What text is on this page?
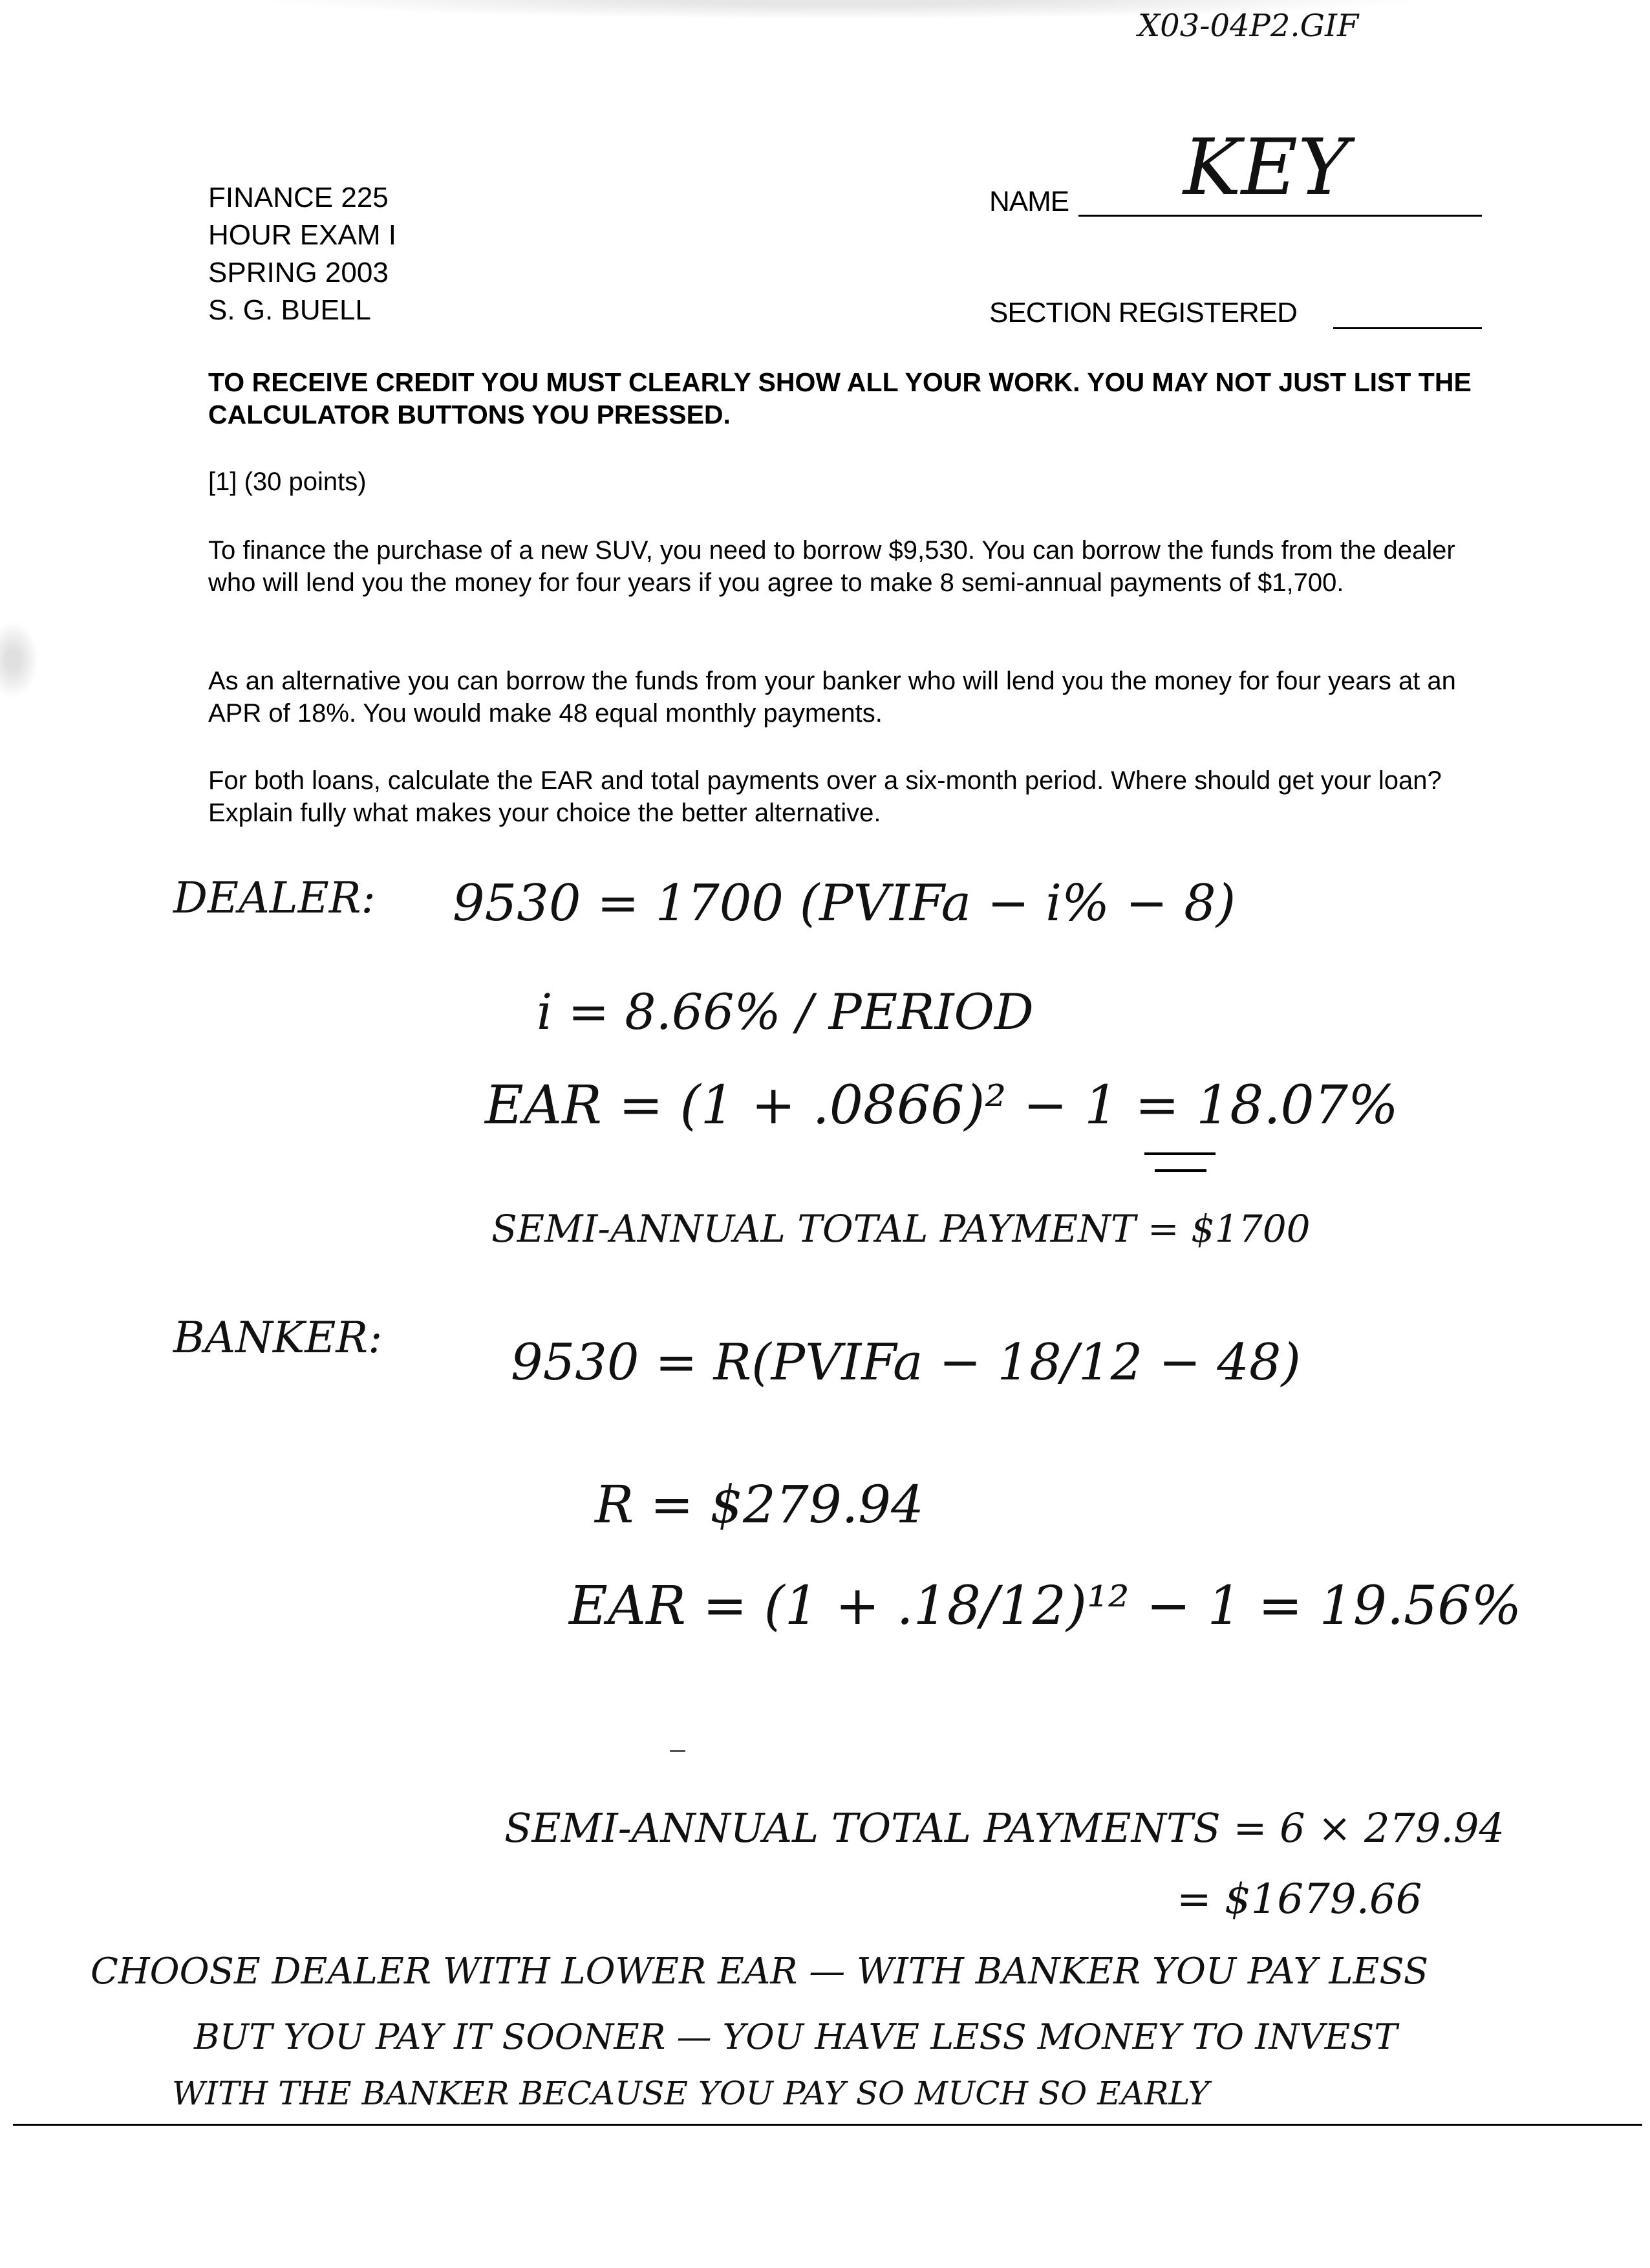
X03-04P2.GIF
FINANCE 225
HOUR EXAM I
SPRING 2003
S. G. BUELL
NAME KEY
SECTION REGISTERED
TO RECEIVE CREDIT YOU MUST CLEARLY SHOW ALL YOUR WORK. YOU MAY NOT JUST LIST THE CALCULATOR BUTTONS YOU PRESSED.
[1] (30 points)
To finance the purchase of a new SUV, you need to borrow $9,530. You can borrow the funds from the dealer who will lend you the money for four years if you agree to make 8 semi-annual payments of $1,700.
As an alternative you can borrow the funds from your banker who will lend you the money for four years at an APR of 18%. You would make 48 equal monthly payments.
For both loans, calculate the EAR and total payments over a six-month period. Where should get your loan? Explain fully what makes your choice the better alternative.
DEALER: 9530 = 1700 (PVIFa − i% − 8)
i = 8.66% / PERIOD
EAR = (1 + .0866)² − 1 = 18.07%
SEMI-ANNUAL TOTAL PAYMENT = $1700
BANKER:	9530 = R(PVIFa − 18/12 − 48)
R = $279.94
EAR = (1 + .18/12)¹² − 1 = 19.56%
SEMI-ANNUAL TOTAL PAYMENTS = 6 × 279.94
= $1679.66
CHOOSE DEALER WITH LOWER EAR — WITH BANKER YOU PAY LESS
BUT YOU PAY IT SOONER — YOU HAVE LESS MONEY TO INVEST
WITH THE BANKER BECAUSE YOU PAY SO MUCH SO EARLY
